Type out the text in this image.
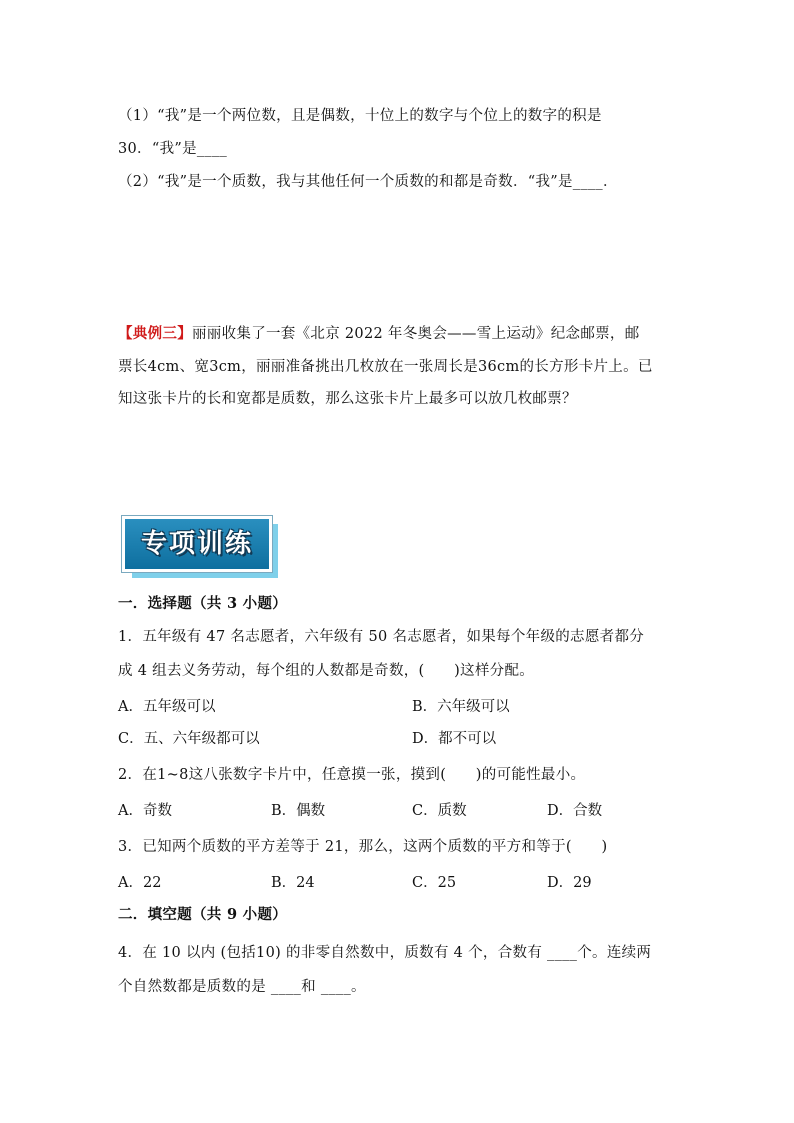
（1）“我”是一个两位数，且是偶数，十位上的数字与个位上的数字的积是
30．“我”是____
（2）“我”是一个质数，我与其他任何一个质数的和都是奇数．“我”是____．
【典例三】丽丽收集了一套《北京 2022 年冬奥会——雪上运动》纪念邮票，邮
票长4cm、宽3cm，丽丽准备挑出几枚放在一张周长是36cm的长方形卡片上。已
知这张卡片的长和宽都是质数，那么这张卡片上最多可以放几枚邮票？
专项训练
一．选择题（共 3 小题）
1．五年级有 47 名志愿者，六年级有 50 名志愿者，如果每个年级的志愿者都分
成 4 组去义务劳动，每个组的人数都是奇数，(　　)这样分配。
A．五年级可以	B．六年级可以
C．五、六年级都可以	D．都不可以
2．在1~8这八张数字卡片中，任意摸一张，摸到(　　)的可能性最小。
A．奇数	B．偶数	C．质数	D．合数
3．已知两个质数的平方差等于 21，那么，这两个质数的平方和等于(　　)
A．22	B．24	C．25	D．29
二．填空题（共 9 小题）
4．在 10 以内 (包括10) 的非零自然数中，质数有 4 个，合数有 ____个。连续两
个自然数都是质数的是 ____和 ____。
